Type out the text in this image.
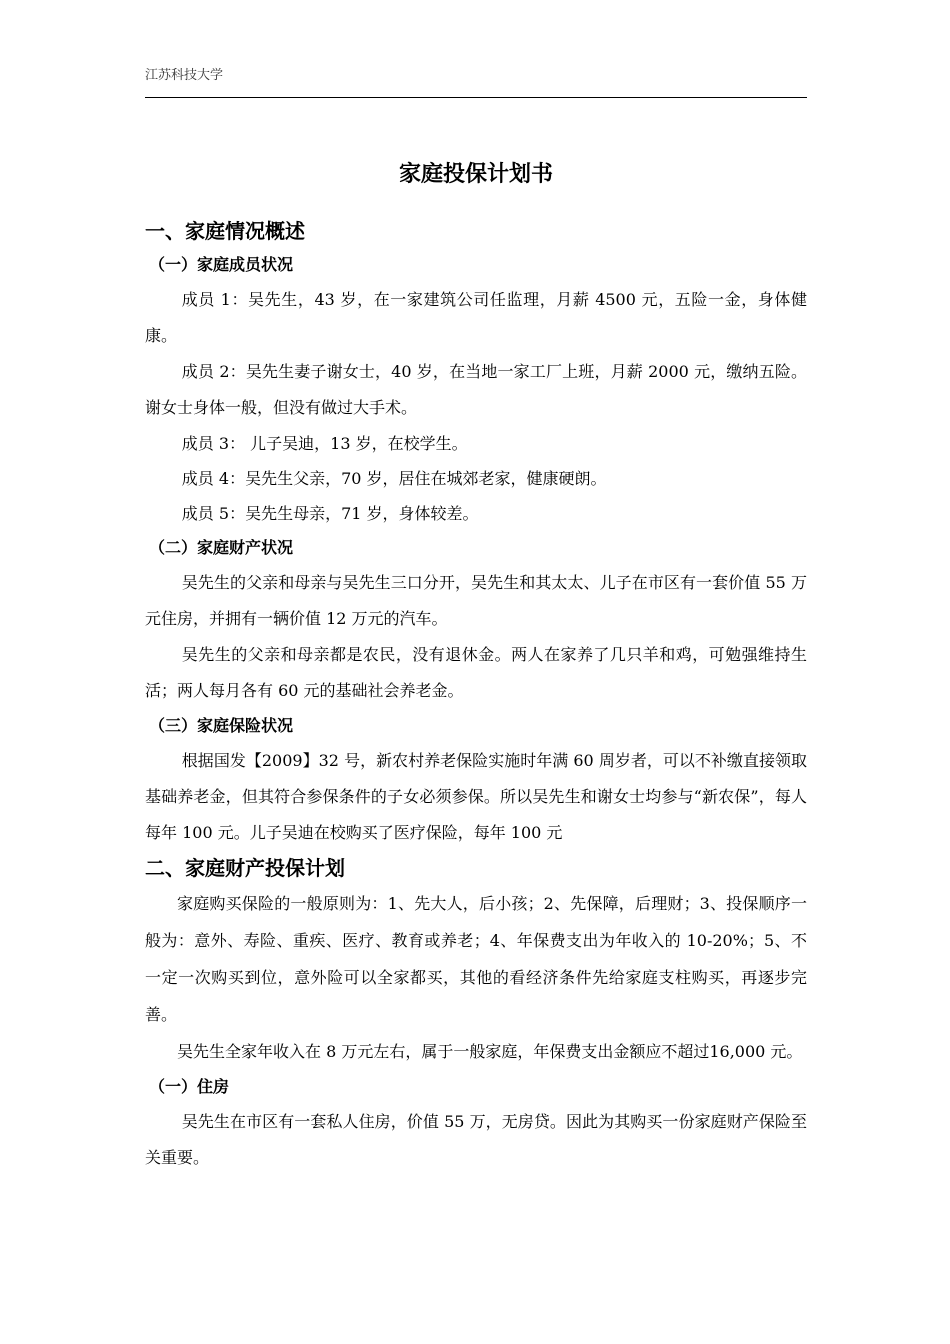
江苏科技大学
家庭投保计划书
一、家庭情况概述
（一）家庭成员状况

成员 1：吴先生，43 岁，在一家建筑公司任监理，月薪 4500 元，五险一金，身体健康。

成员 2：吴先生妻子谢女士，40 岁，在当地一家工厂上班，月薪 2000 元，缴纳五险。谢女士身体一般，但没有做过大手术。

成员 3： 儿子吴迪，13 岁，在校学生。

成员 4：吴先生父亲，70 岁，居住在城郊老家，健康硬朗。

成员 5：吴先生母亲，71 岁，身体较差。

（二）家庭财产状况

吴先生的父亲和母亲与吴先生三口分开，吴先生和其太太、儿子在市区有一套价值 55 万元住房，并拥有一辆价值 12 万元的汽车。

吴先生的父亲和母亲都是农民，没有退休金。两人在家养了几只羊和鸡，可勉强维持生活；两人每月各有 60 元的基础社会养老金。

（三）家庭保险状况

根据国发【2009】32 号，新农村养老保险实施时年满 60 周岁者，可以不补缴直接领取基础养老金，但其符合参保条件的子女必须参保。所以吴先生和谢女士均参与“新农保”，每人每年 100 元。儿子吴迪在校购买了医疗保险，每年 100 元

二、家庭财产投保计划

家庭购买保险的一般原则为：1、先大人，后小孩；2、先保障，后理财；3、投保顺序一般为：意外、寿险、重疾、医疗、教育或养老；4、年保费支出为年收入的 10-20%；5、不一定一次购买到位，意外险可以全家都买，其他的看经济条件先给家庭支柱购买，再逐步完善。

吴先生全家年收入在 8 万元左右，属于一般家庭，年保费支出金额应不超过16,000 元。

（一）住房

吴先生在市区有一套私人住房，价值 55 万，无房贷。因此为其购买一份家庭财产保险至关重要。
